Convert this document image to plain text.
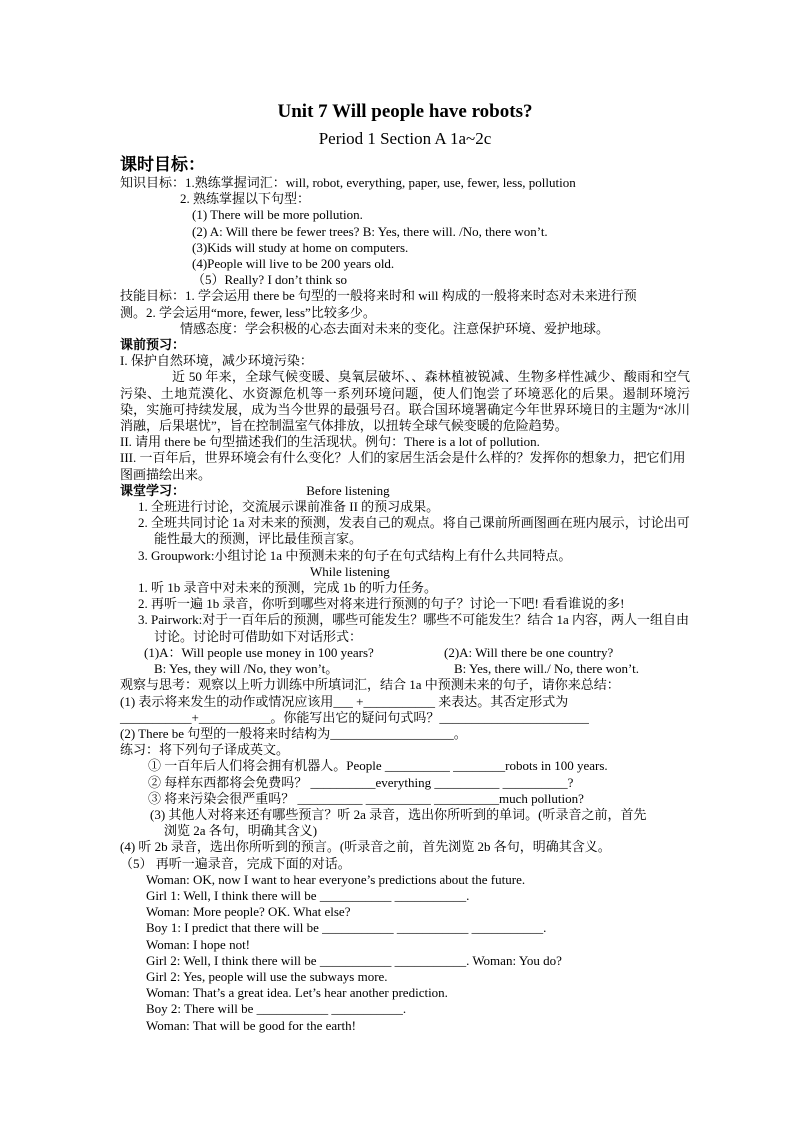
Unit 7 Will people have robots?
Period 1 Section A 1a~2c
课时目标：
知识目标：1.熟练掌握词汇：will, robot, everything, paper, use, fewer, less, pollution
2. 熟练掌握以下句型：
(1) There will be more pollution.
(2) A: Will there be fewer trees? B: Yes, there will. /No, there won’t.
(3)Kids will study at home on computers.
(4)People will live to be 200 years old.
（5）Really? I don’t think so
技能目标：1. 学会运用 there be 句型的一般将来时和 will 构成的一般将来时态对未来进行预
测。2. 学会运用“more, fewer, less”比较多少。
情感态度：学会积极的心态去面对未来的变化。注意保护环境、爱护地球。
课前预习：
I. 保护自然环境，减少环境污染：
近 50 年来，全球气候变暖、臭氧层破坏、、森林植被锐减、生物多样性减少、酸雨和空气污染、土地荒漠化、水资源危机等一系列环境问题，使人们饱尝了环境恶化的后果。遏制环境污染，实施可持续发展，成为当今世界的最强号召。联合国环境署确定今年世界环境日的主题为“冰川消融，后果堪忧”，旨在控制温室气体排放，以扭转全球气候变暖的危险趋势。
II. 请用 there be 句型描述我们的生活现状。例句：There is a lot of pollution.
III. 一百年后，世界环境会有什么变化？人们的家居生活会是什么样的？发挥你的想象力，把它们用图画描绘出来。
课堂学习：	Before listening
1. 全班进行讨论，交流展示课前准备 II 的预习成果。
2. 全班共同讨论 1a 对未来的预测，发表自己的观点。将自己课前所画图画在班内展示，讨论出可能性最大的预测，评比最佳预言家。
3. Groupwork:小组讨论 1a 中预测未来的句子在句式结构上有什么共同特点。
While listening
1. 听 1b 录音中对未来的预测，完成 1b 的听力任务。
2. 再听一遍 1b 录音，你听到哪些对将来进行预测的句子？讨论一下吧! 看看谁说的多!
3. Pairwork:对于一百年后的预测，哪些可能发生？哪些不可能发生？结合 1a 内容，两人一组自由讨论。讨论时可借助如下对话形式：
(1)A：Will people use money in 100 years?	(2)A: Will there be one country?
B: Yes, they will /No, they won’t。	B: Yes, there will./ No, there won’t.
观察与思考：观察以上听力训练中所填词汇，结合 1a 中预测未来的句子，请你来总结：
(1) 表示将来发生的动作或情况应该用___ +___________ 来表达。其否定形式为
___________+___________。你能写出它的疑问句式吗？_______________________
(2) There be 句型的一般将来时结构为___________________。
练习：将下列句子译成英文。
① 一百年后人们将会拥有机器人。People __________ ________robots in 100 years.
② 每样东西都将会免费吗？ __________everything __________ __________?
③ 将来污染会很严重吗？ __________ __________ __________much pollution?
(3) 其他人对将来还有哪些预言？听 2a 录音，选出你所听到的单词。(听录音之前，首先
浏览 2a 各句，明确其含义)
(4) 听 2b 录音，选出你所听到的预言。(听录音之前，首先浏览 2b 各句，明确其含义。
（5） 再听一遍录音，完成下面的对话。
Woman: OK, now I want to hear everyone’s predictions about the future.
Girl 1: Well, I think there will be ___________ ___________.
Woman: More people? OK. What else?
Boy 1: I predict that there will be ___________ ___________ ___________.
Woman: I hope not!
Girl 2: Well, I think there will be ___________ ___________. Woman: You do?
Girl 2: Yes, people will use the subways more.
Woman: That’s a great idea. Let’s hear another prediction.
Boy 2: There will be ___________ ___________.
Woman: That will be good for the earth!
